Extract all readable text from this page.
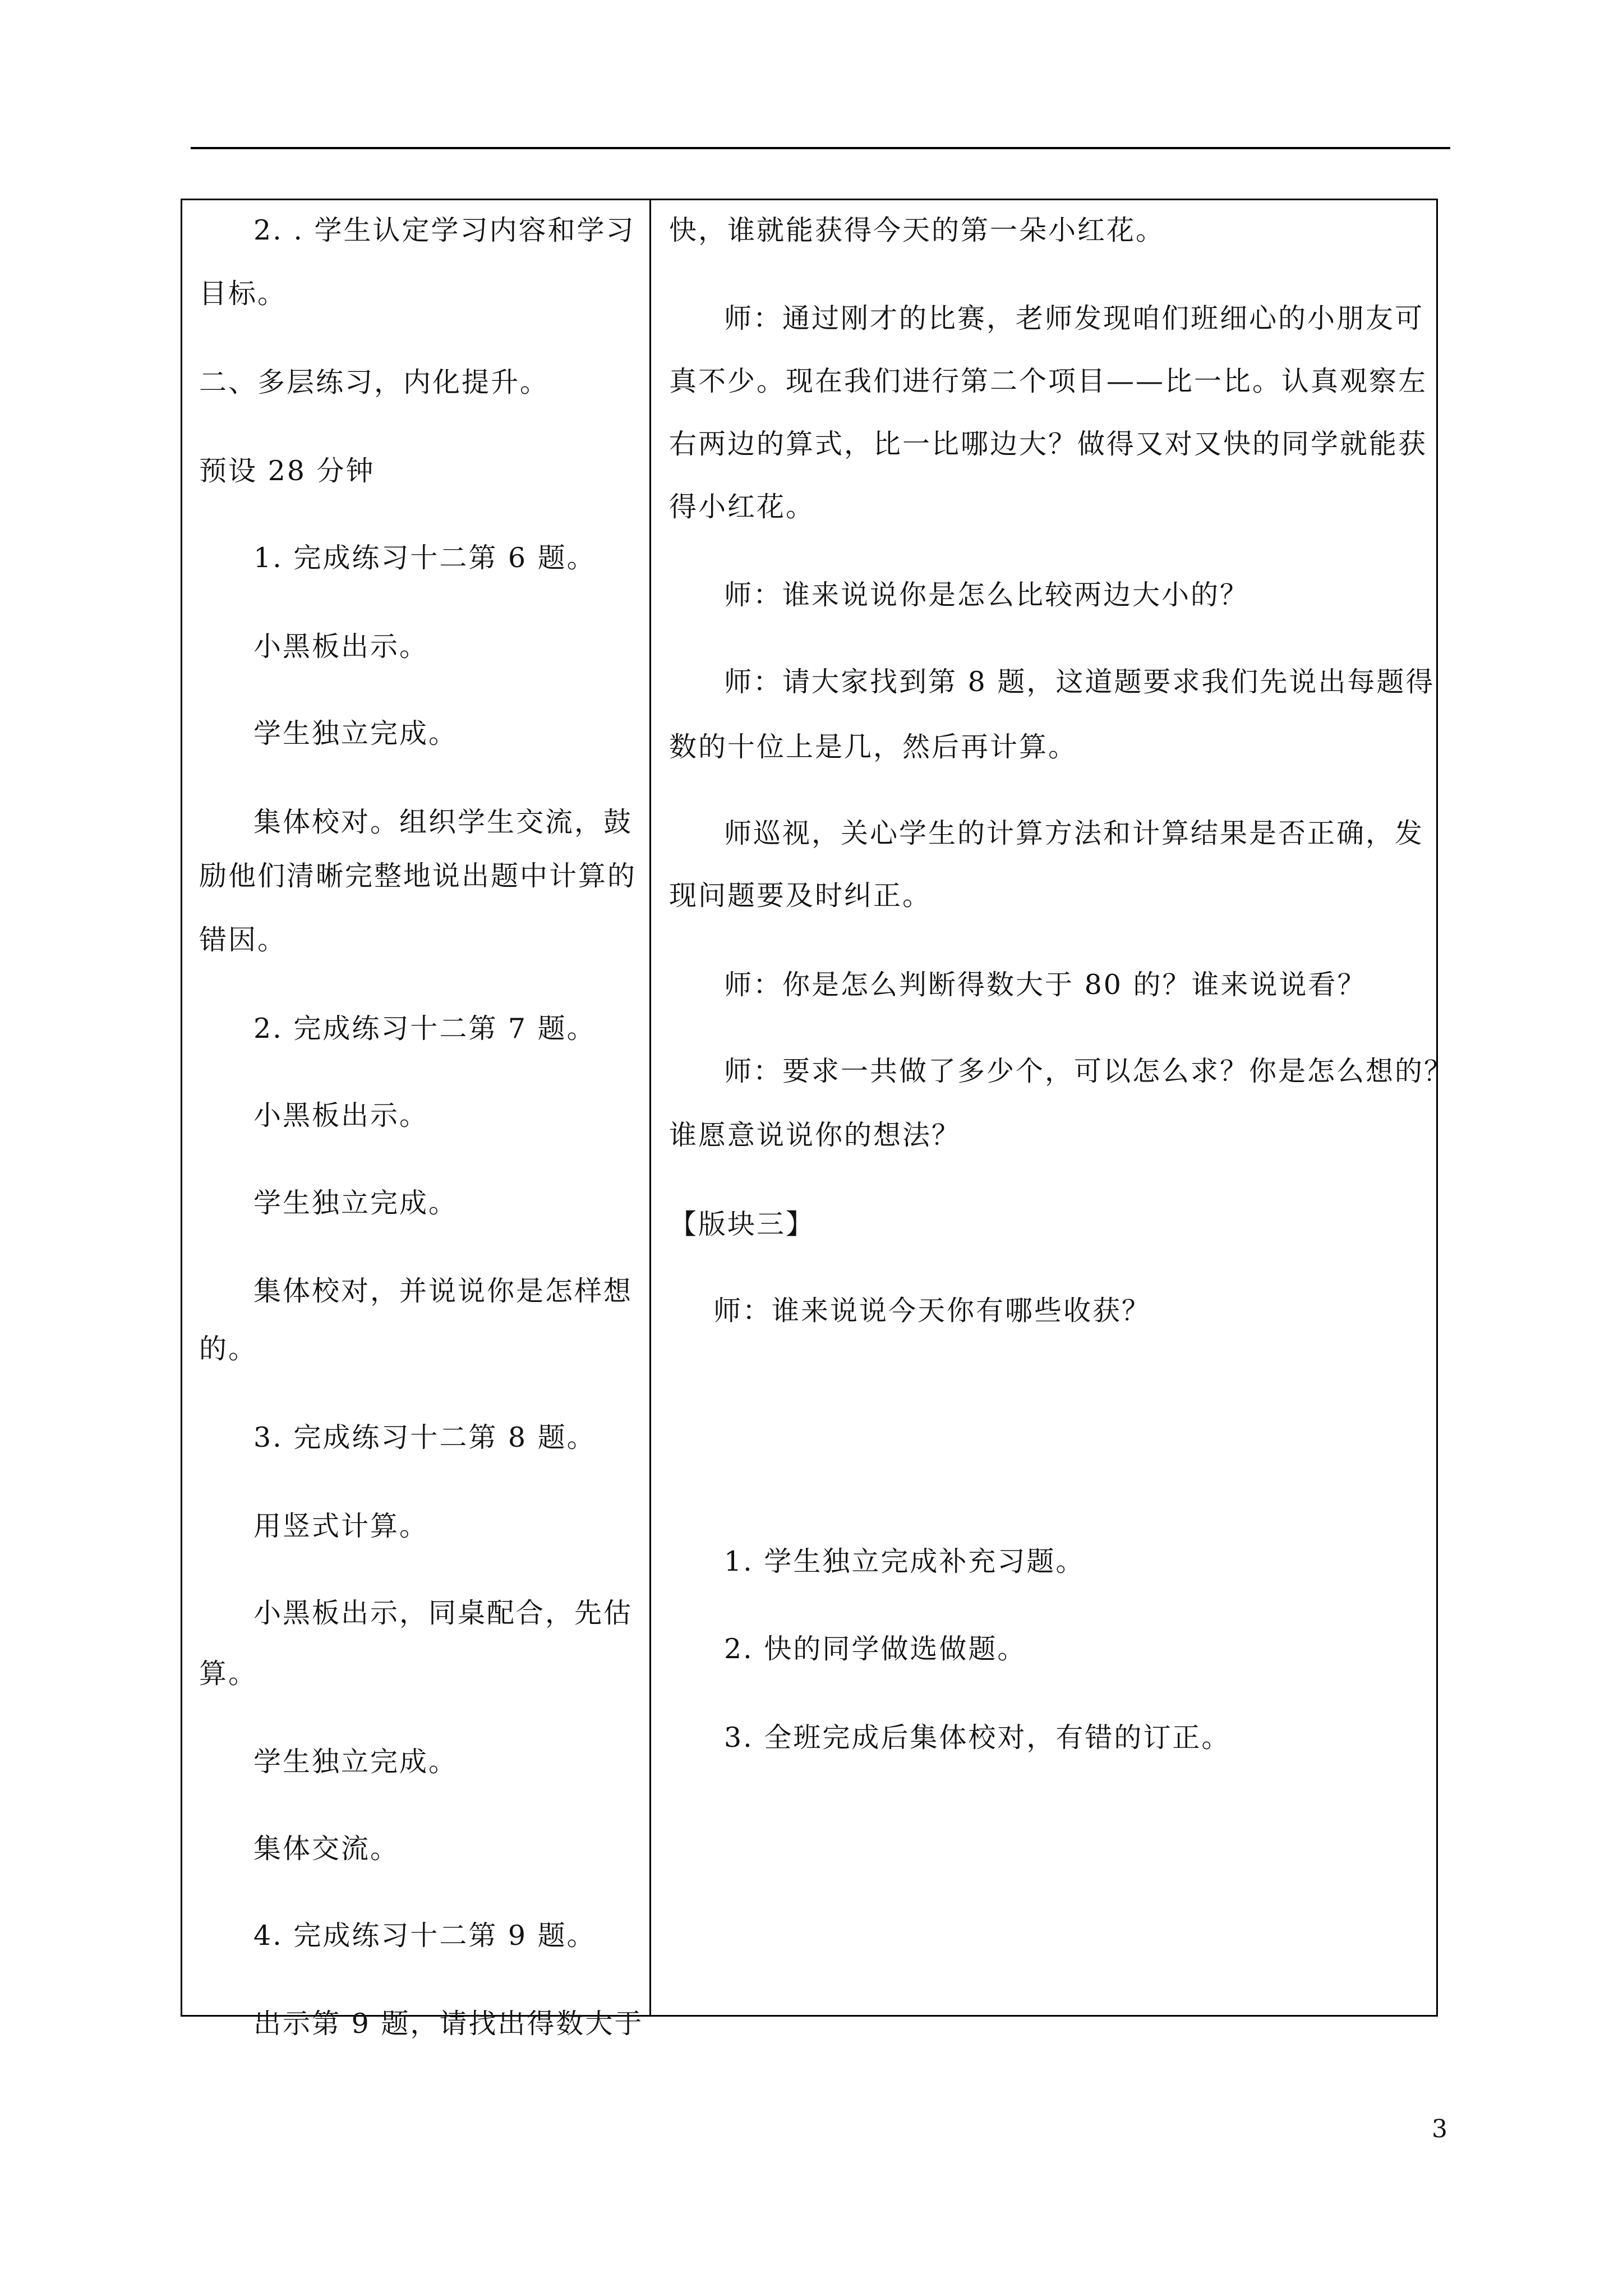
2. . 学生认定学习内容和学习

目标。

二、多层练习，内化提升。

预设 28 分钟

1. 完成练习十二第 6 题。

小黑板出示。

学生独立完成。

集体校对。组织学生交流，鼓

励他们清晰完整地说出题中计算的

错因。

2. 完成练习十二第 7 题。

小黑板出示。

学生独立完成。

集体校对，并说说你是怎样想

的。

3. 完成练习十二第 8 题。

用竖式计算。

小黑板出示，同桌配合，先估

算。

学生独立完成。

集体交流。

4. 完成练习十二第 9 题。

出示第 9 题，请找出得数大于

快，谁就能获得今天的第一朵小红花。

师：通过刚才的比赛，老师发现咱们班细心的小朋友可

真不少。现在我们进行第二个项目——比一比。认真观察左

右两边的算式，比一比哪边大？做得又对又快的同学就能获

得小红花。

师：谁来说说你是怎么比较两边大小的？

师：请大家找到第 8 题，这道题要求我们先说出每题得

数的十位上是几，然后再计算。

师巡视，关心学生的计算方法和计算结果是否正确，发

现问题要及时纠正。

师：你是怎么判断得数大于 80 的？谁来说说看？

师：要求一共做了多少个，可以怎么求？你是怎么想的？

谁愿意说说你的想法？

【版块三】

师：谁来说说今天你有哪些收获？

1. 学生独立完成补充习题。

2. 快的同学做选做题。

3. 全班完成后集体校对，有错的订正。

3
